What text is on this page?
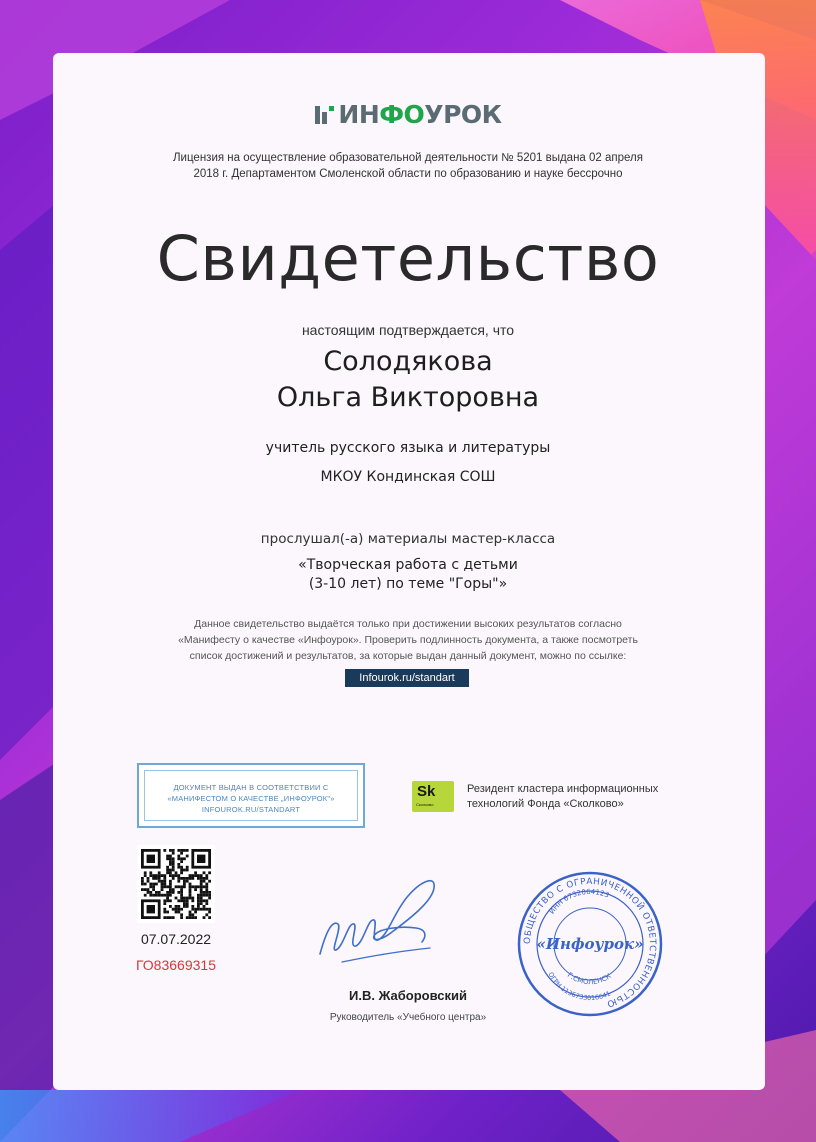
ИНФОУРОК
Лицензия на осуществление образовательной деятельности № 5201 выдана 02 апреля
2018 г. Департаментом Смоленской области по образованию и науке бессрочно
Свидетельство
настоящим подтверждается, что
Солодякова
Ольга Викторовна
учитель русского языка и литературы
МКОУ Кондинская СОШ
прослушал(-а) материалы мастер-класса
«Творческая работа с детьми
(3-10 лет) по теме "Горы"»
Данное свидетельство выдаётся только при достижении высоких результатов согласно
«Манифесту о качестве «Инфоурок». Проверить подлинность документа, а также посмотреть
список достижений и результатов, за которые выдан данный документ, можно по ссылке:
Infourok.ru/standart
ДОКУМЕНТ ВЫДАН В СООТВЕТСТВИИ С
«МАНИФЕСТОМ О КАЧЕСТВЕ „ИНФОУРОК"»
INFOUROK.RU/STANDART
Sk
Сколково
Резидент кластера информационных
технологий Фонда «Сколково»
07.07.2022
ГО83669315
И.В. Жаборовский
Руководитель «Учебного центра»
ОБЩЕСТВО С ОГРАНИЧЕННОЙ ОТВЕТСТВЕННОСТЬЮ
ИНН 6732064123
ОГРН 1136733016641
Г.СМОЛЕНСК
«Инфоурок»
